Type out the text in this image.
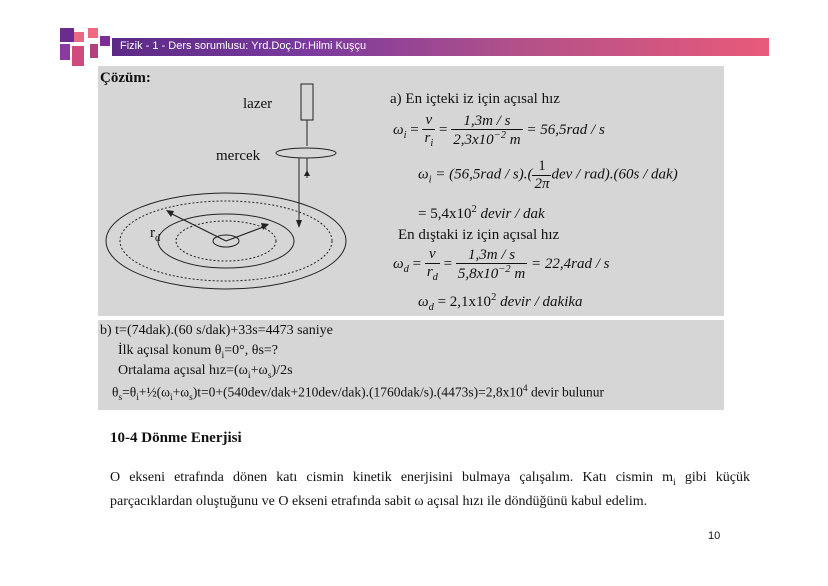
Fizik - 1 - Ders sorumlusu: Yrd.Doç.Dr.Hilmi Kuşçu
Çözüm:
lazer
mercek
$r_d$
a) En içteki iz için açısal hız
$\omega_i = \frac{v}{r_i} = \frac{1,3m / s}{2,3x10^{-2} m} = 56,5rad / s$
$\omega_i = (56,5rad / s).( \frac{1}{2\pi}$ dev / rad).(60s / dak)
= $5,4x10^2$ devir / dak
En dıştaki iz için açısal hız
$\omega_d = \frac{v}{r_d} = \frac{1,3m / s}{5,8x10^{-2} m} = 22,4rad / s$
$\omega_d = 2,1x10^2$ devir / dakika
b) t=(74dak).(60 s/dak)+33s=4473 saniye
İlk açısal konum $\theta_i=0^\circ$, θs=?
Ortalama açısal $hız=(\omega_i+\omega_s)/2s$
$\theta_s=\theta_i+\frac{1}{2}(\omega_i+\omega_s)t=0+(540dev/dak+210dev/dak).(1760dak/s).(4473s)=2,8x10^4$ devir bulunur
10-4 Dönme Enerjisi
O ekseni etrafında dönen katı cismin kinetik enerjisini bulmaya çalışalım. Katı cismin $m_i$ gibi küçük parçacıklardan oluştuğunu ve O ekseni etrafında sabit ω açısal hızı ile döndüğünü kabul edelim.
10
